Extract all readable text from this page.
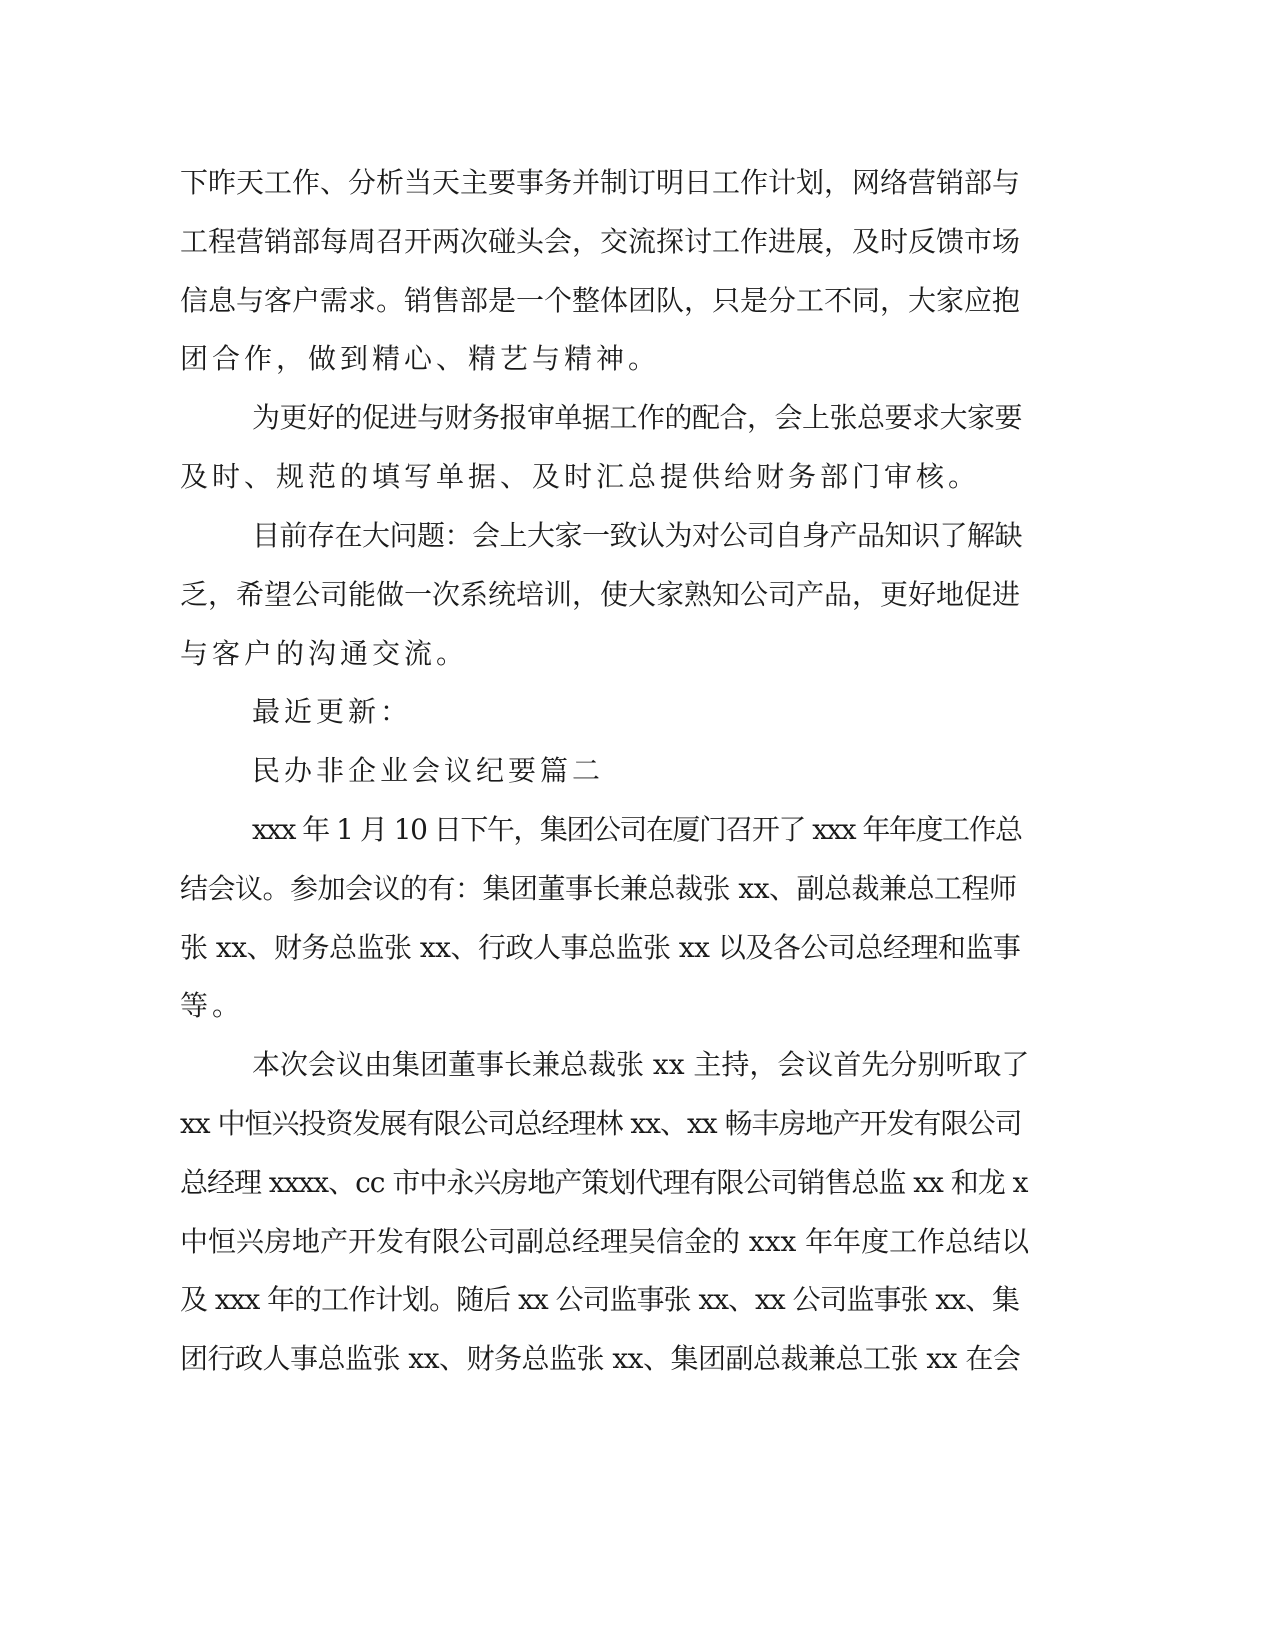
下昨天工作、分析当天主要事务并制订明日工作计划，网络营销部与

工程营销部每周召开两次碰头会，交流探讨工作进展，及时反馈市场

信息与客户需求。销售部是一个整体团队，只是分工不同，大家应抱

团合作，做到精心、精艺与精神。

为更好的促进与财务报审单据工作的配合，会上张总要求大家要

及时、规范的填写单据、及时汇总提供给财务部门审核。

目前存在大问题：会上大家一致认为对公司自身产品知识了解缺

乏，希望公司能做一次系统培训，使大家熟知公司产品，更好地促进

与客户的沟通交流。

最近更新：

民办非企业会议纪要篇二

xxx 年 1 月 10 日下午，集团公司在厦门召开了 xxx 年年度工作总

结会议。参加会议的有：集团董事长兼总裁张 xx、副总裁兼总工程师

张 xx、财务总监张 xx、行政人事总监张 xx 以及各公司总经理和监事

等。

本次会议由集团董事长兼总裁张 xx 主持，会议首先分别听取了

xx 中恒兴投资发展有限公司总经理林 xx、xx 畅丰房地产开发有限公司

总经理 xxxx、cc 市中永兴房地产策划代理有限公司销售总监 xx 和龙 x

中恒兴房地产开发有限公司副总经理吴信金的 xxx 年年度工作总结以

及 xxx 年的工作计划。随后 xx 公司监事张 xx、xx 公司监事张 xx、集

团行政人事总监张 xx、财务总监张 xx、集团副总裁兼总工张 xx 在会
